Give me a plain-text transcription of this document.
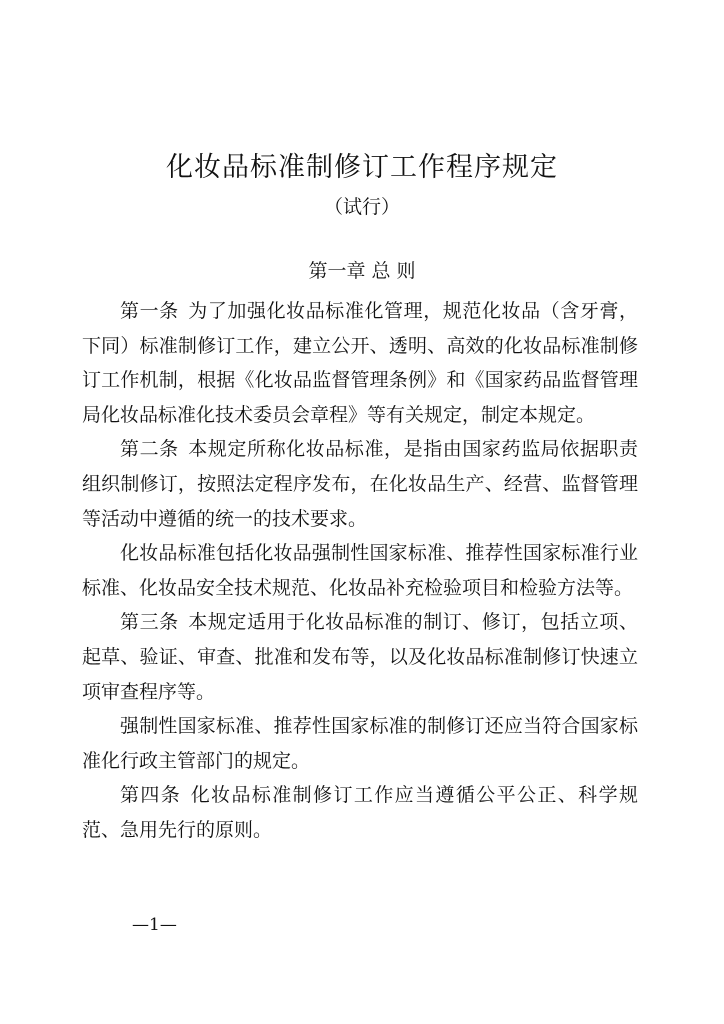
化妆品标准制修订工作程序规定
（试行）
第一章 总 则

第一条 为了加强化妆品标准化管理，规范化妆品（含牙膏，下同）标准制修订工作，建立公开、透明、高效的化妆品标准制修订工作机制，根据《化妆品监督管理条例》和《国家药品监督管理局化妆品标准化技术委员会章程》等有关规定，制定本规定。

第二条 本规定所称化妆品标准，是指由国家药监局依据职责组织制修订，按照法定程序发布，在化妆品生产、经营、监督管理等活动中遵循的统一的技术要求。

化妆品标准包括化妆品强制性国家标准、推荐性国家标准行业标准、化妆品安全技术规范、化妆品补充检验项目和检验方法等。

第三条 本规定适用于化妆品标准的制订、修订，包括立项、起草、验证、审查、批准和发布等，以及化妆品标准制修订快速立项审查程序等。

强制性国家标准、推荐性国家标准的制修订还应当符合国家标准化行政主管部门的规定。

第四条 化妆品标准制修订工作应当遵循公平公正、科学规范、急用先行的原则。

—1—
